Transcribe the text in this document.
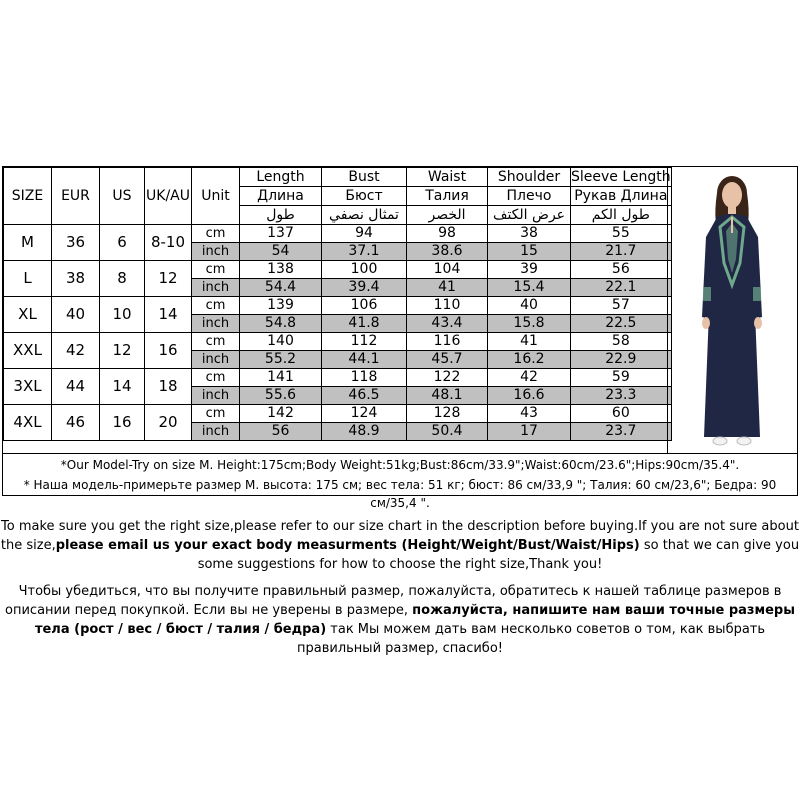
SIZE	EUR	US	UK/AU	Unit	Length	Bust	Waist	Shoulder	Sleeve Length
					Длина	Бюст	Талия	Плечо	Рукав Длина
					طول	تمثال نصفي	الخصر	عرض الكتف	طول الكم
M	36	6	8-10	cm	137	94	98	38	55
				inch	54	37.1	38.6	15	21.7
L	38	8	12	cm	138	100	104	39	56
				inch	54.4	39.4	41	15.4	22.1
XL	40	10	14	cm	139	106	110	40	57
				inch	54.8	41.8	43.4	15.8	22.5
XXL	42	12	16	cm	140	112	116	41	58
				inch	55.2	44.1	45.7	16.2	22.9
3XL	44	14	18	cm	141	118	122	42	59
				inch	55.6	46.5	48.1	16.6	23.3
4XL	46	16	20	cm	142	124	128	43	60
				inch	56	48.9	50.4	17	23.7
*Our Model-Try on size M. Height:175cm;Body Weight:51kg;Bust:86cm/33.9";Waist:60cm/23.6";Hips:90cm/35.4".
* Наша модель-примерьте размер M. высота: 175 см; вес тела: 51 кг; бюст: 86 см/33,9 "; Талия: 60 см/23,6"; Бедра: 90 см/35,4 ".
To make sure you get the right size,please refer to our size chart in the description before buying.If you are not sure about the size,please email us your exact body measurments (Height/Weight/Bust/Waist/Hips) so that we can give you some suggestions for how to choose the right size,Thank you!
Чтобы убедиться, что вы получите правильный размер, пожалуйста, обратитесь к нашей таблице размеров в описании перед покупкой. Если вы не уверены в размере, пожалуйста, напишите нам ваши точные размеры тела (рост / вес / бюст / талия / бедра) так Мы можем дать вам несколько советов о том, как выбрать правильный размер, спасибо!
